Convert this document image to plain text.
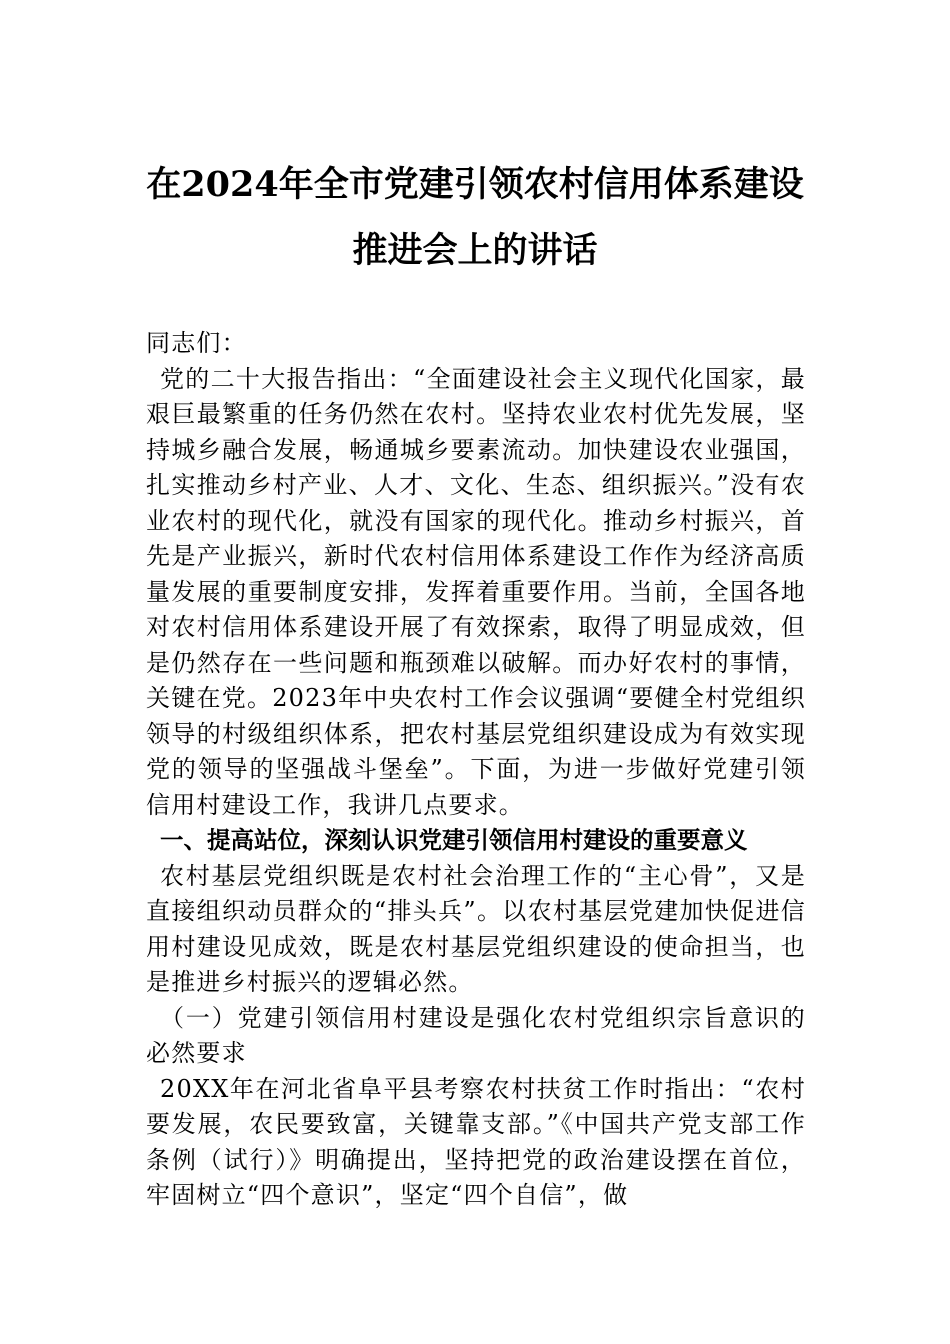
在2024年全市党建引领农村信用体系建设
推进会上的讲话

同志们：

党的二十大报告指出：“全面建设社会主义现代化国家，最艰巨最繁重的任务仍然在农村。坚持农业农村优先发展，坚持城乡融合发展，畅通城乡要素流动。加快建设农业强国，扎实推动乡村产业、人才、文化、生态、组织振兴。”没有农业农村的现代化，就没有国家的现代化。推动乡村振兴，首先是产业振兴，新时代农村信用体系建设工作作为经济高质量发展的重要制度安排，发挥着重要作用。当前，全国各地对农村信用体系建设开展了有效探索，取得了明显成效，但是仍然存在一些问题和瓶颈难以破解。而办好农村的事情，关键在党。2023年中央农村工作会议强调“要健全村党组织领导的村级组织体系，把农村基层党组织建设成为有效实现党的领导的坚强战斗堡垒”。下面，为进一步做好党建引领信用村建设工作，我讲几点要求。

一、提高站位，深刻认识党建引领信用村建设的重要意义

农村基层党组织既是农村社会治理工作的“主心骨”，又是直接组织动员群众的“排头兵”。以农村基层党建加快促进信用村建设见成效，既是农村基层党组织建设的使命担当，也是推进乡村振兴的逻辑必然。

（一）党建引领信用村建设是强化农村党组织宗旨意识的必然要求

20XX年在河北省阜平县考察农村扶贫工作时指出：“农村要发展，农民要致富，关键靠支部。”《中国共产党支部工作条例（试行）》明确提出，坚持把党的政治建设摆在首位，牢固树立“四个意识”，坚定“四个自信”，做
